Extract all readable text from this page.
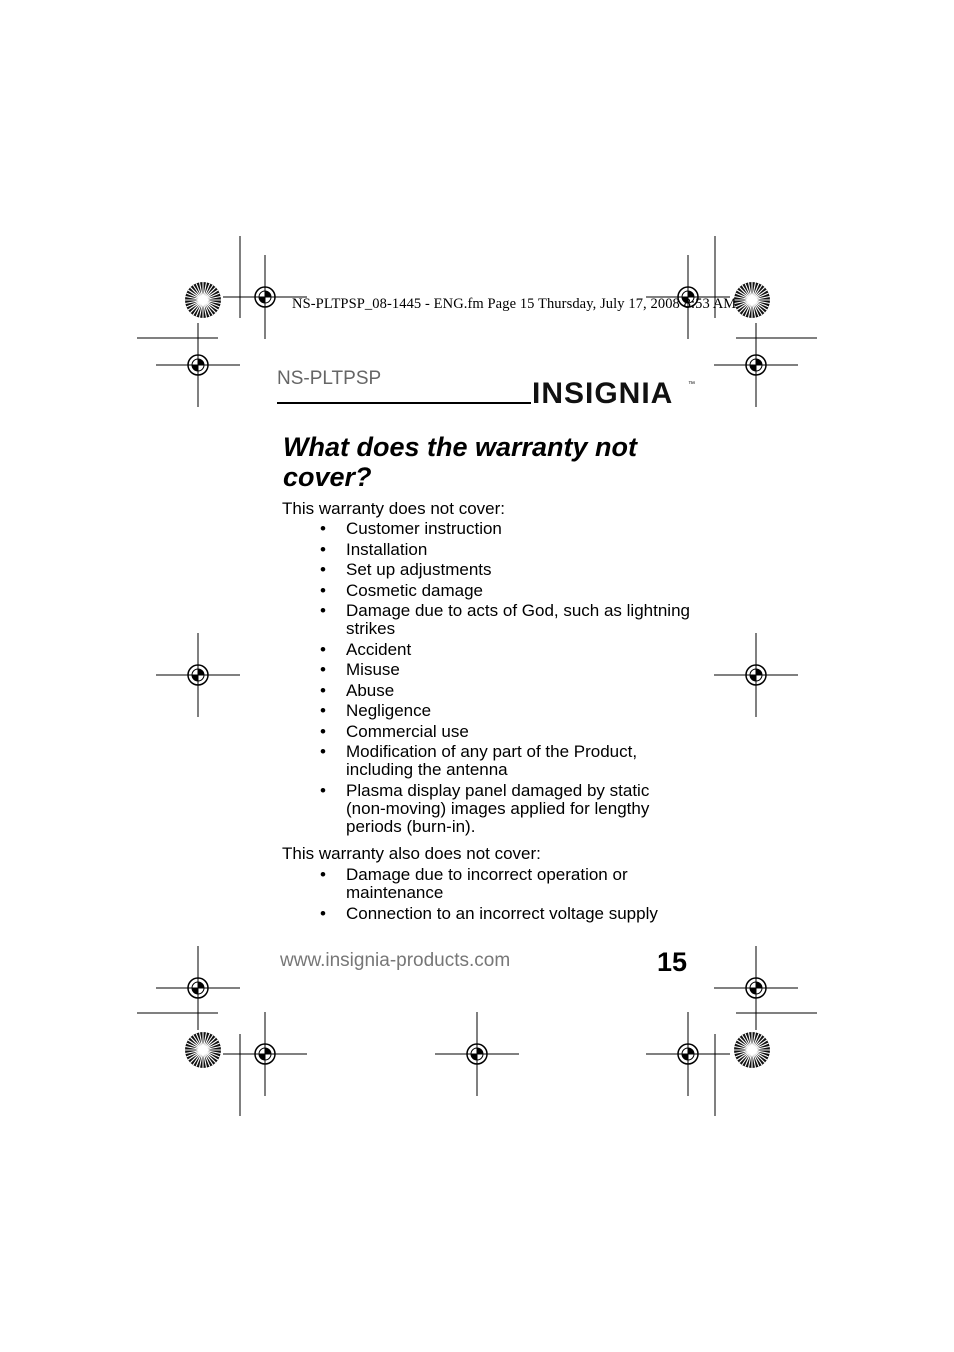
NS-PLTPSP_08-1445 - ENG.fm Page 15 Thursday, July 17, 2008 8:53 AM
NS-PLTPSP	INSIGNIA ™
What does the warranty not cover?
This warranty does not cover:
• Customer instruction
• Installation
• Set up adjustments
• Cosmetic damage
• Damage due to acts of God, such as lightning strikes
• Accident
• Misuse
• Abuse
• Negligence
• Commercial use
• Modification of any part of the Product, including the antenna
• Plasma display panel damaged by static (non-moving) images applied for lengthy periods (burn-in).
This warranty also does not cover:
• Damage due to incorrect operation or maintenance
• Connection to an incorrect voltage supply
www.insignia-products.com	15
